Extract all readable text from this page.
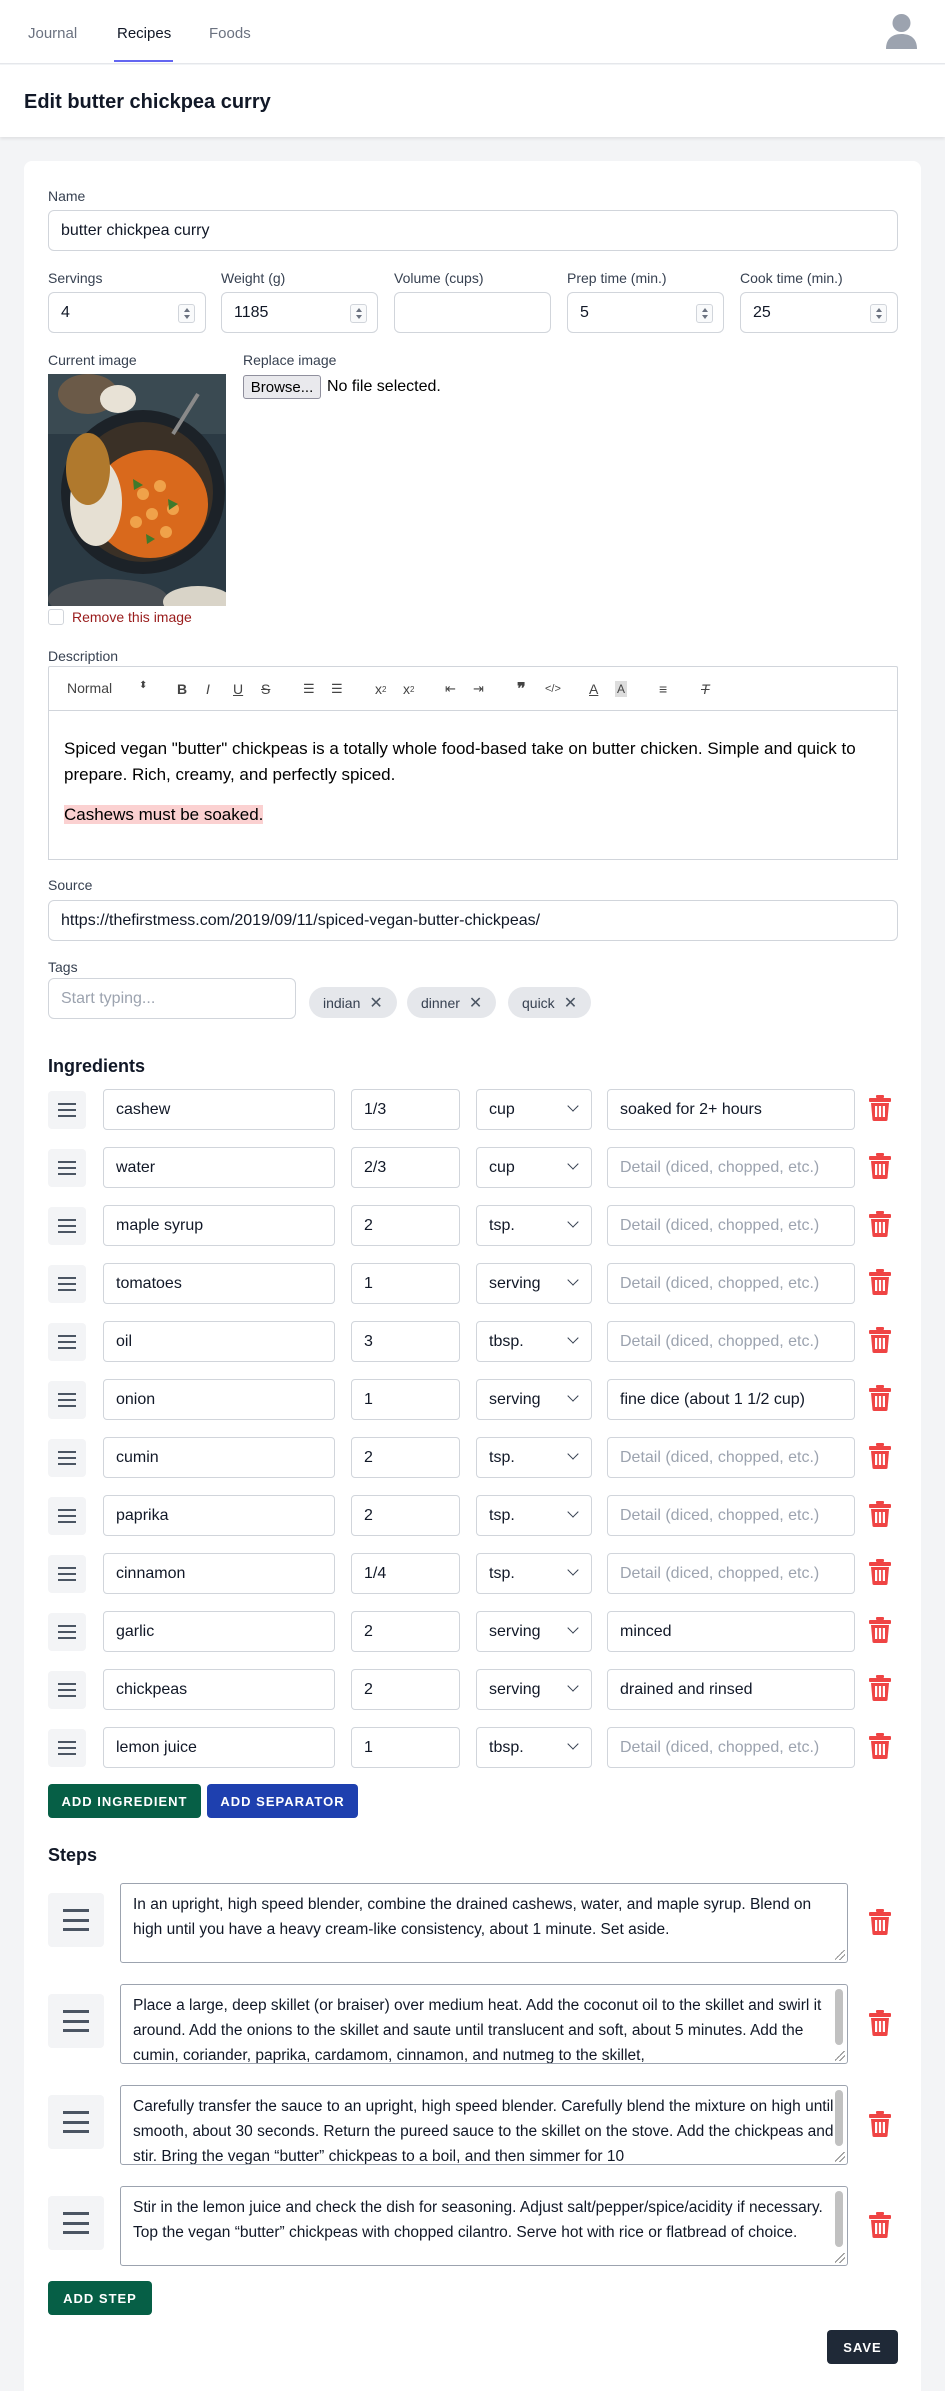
Journal	Recipes	Foods
Edit butter chickpea curry
Name
butter chickpea curry
Servings
4
Weight (g)
1185
Volume (cups)	Prep time (min.)
5
Cook time (min.)
25
Current image	Replace image
Browse... No file selected.
Remove this image
Description
Normal	⬍ B I U S	☰ ☰ x 2 x 2 ⇤ ⇥ ❞ </> A A ≡ T

Spiced vegan "butter" chickpeas is a totally whole food-based take on butter chicken. Simple and quick to prepare. Rich, creamy, and perfectly spiced.

Cashews must be soaked.

Source
https://thefirstmess.com/2019/09/11/spiced-vegan-butter-chickpeas/
Tags
Start typing...	indian ✕	dinner ✕	quick ✕
Ingredients
cashew	1/3	cup	soaked for 2+ hours
water	2/3	cup	Detail (diced, chopped, etc.)
maple syrup	2	tsp.	Detail (diced, chopped, etc.)
tomatoes	1	serving	Detail (diced, chopped, etc.)
oil	3	tbsp.	Detail (diced, chopped, etc.)
onion	1	serving	fine dice (about 1 1/2 cup)
cumin	2	tsp.	Detail (diced, chopped, etc.)
paprika	2	tsp.	Detail (diced, chopped, etc.)
cinnamon	1/4	tsp.	Detail (diced, chopped, etc.)
garlic	2	serving	minced
chickpeas	2	serving	drained and rinsed
lemon juice	1	tbsp.	Detail (diced, chopped, etc.)
ADD INGREDIENT	ADD SEPARATOR
Steps
In an upright, high speed blender, combine the drained cashews, water, and maple syrup. Blend on high until you have a heavy cream-like consistency, about 1 minute. Set aside.
Place a large, deep skillet (or braiser) over medium heat. Add the coconut oil to the skillet and swirl it around. Add the onions to the skillet and saute until translucent and soft, about 5 minutes. Add the cumin, coriander, paprika, cardamom, cinnamon, and nutmeg to the skillet,
Carefully transfer the sauce to an upright, high speed blender. Carefully blend the mixture on high until smooth, about 30 seconds. Return the pureed sauce to the skillet on the stove. Add the chickpeas and stir. Bring the vegan “butter” chickpeas to a boil, and then simmer for 10
Stir in the lemon juice and check the dish for seasoning. Adjust salt/pepper/spice/acidity if necessary. Top the vegan “butter” chickpeas with chopped cilantro. Serve hot with rice or flatbread of choice.
ADD STEP
SAVE
